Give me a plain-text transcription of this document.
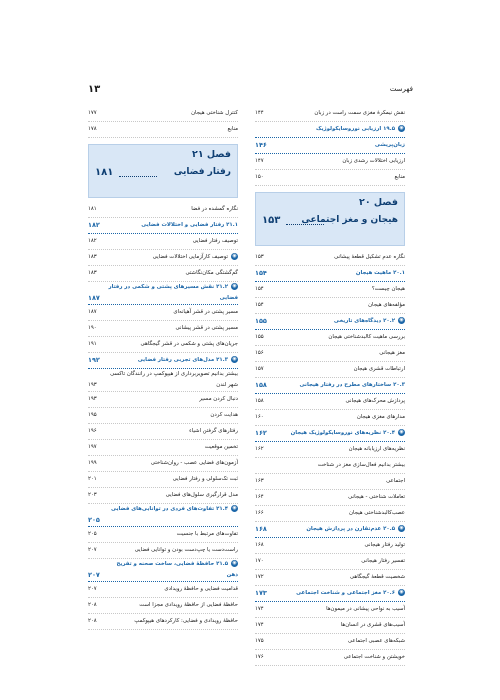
۱۳	فهرست
نقش نیمکرهٔ مغزی سمت راست در زبان
۱۴۴
◉۱۹.۵ ارزیابی نوروسایکولوژیک
زبان‌پریشی
۱۴۶
ارزیابی اختلالات رشدی زبان
۱۴۷
منابع
۱۵۰
فصل ۲۰
هیجان و مغز اجتماعی
۱۵۳
نگاره عدم تشکیل قطعهٔ پیشانی
۱۵۳
۲۰.۱ ماهیت هیجان
۱۵۴
هیجان چیست؟
۱۵۴
مؤلفه‌های هیجان
۱۵۴
◉۲۰.۲ دیدگاه‌های تاریخی
۱۵۵
بررسی ماهیت کالبدشناختی هیجان
۱۵۵
مغز هیجانی
۱۵۶
ارتباطات قشری هیجان
۱۵۷
۲۰.۳ ساختارهای مطرح در رفتار هیجانی
۱۵۸
پردازش محرک‌های هیجانی
۱۵۸
مدارهای مغزی هیجان
۱۶۰
◉۲۰.۴ نظریه‌های نوروسایکولوژیک هیجان
۱۶۲
نظریه‌های ارزیابانه هیجان
۱۶۲
بیشتر بدانیم فعال‌سازی مغز در شناخت
اجتماعی
۱۶۳
تعاملات شناختی - هیجانی
۱۶۴
عصب‌کالبدشناختی هیجان
۱۶۶
◉۲۰.۵ عدم‌تقارن در پردازش هیجان
۱۶۸
تولید رفتار هیجانی
۱۶۸
تفسیر رفتار هیجانی
۱۷۰
شخصیت قطعهٔ گیجگاهی
۱۷۲
◉۲۰.۶ مغز اجتماعی و شناخت اجتماعی
۱۷۳
آسیب به نواحی پیشانی در میمون‌ها
۱۷۴
آسیب‌های قشری در انسان‌ها
۱۷۴
شبکه‌های عصبی اجتماعی
۱۷۵
خویشتن و شناخت اجتماعی
۱۷۶
کنترل شناختی هیجان
۱۷۷
منابع
۱۷۸
فصل ۲۱
رفتار فضایی
۱۸۱
نگاره گمشده در فضا
۱۸۱
۲۱.۱ رفتار فضایی و اختلالات فضایی
۱۸۲
توصیف رفتار فضایی
۱۸۲
◉توصیف کارآزمایی اختلالات فضایی
۱۸۳
گم‌گشتگی مکان‌نگاشتی
۱۸۳
◉۲۱.۲ نقش مسیرهای پشتی و شکمی در رفتار فضایی
۱۸۷
مسیر پشتی در قشر آهیانه‌ای
۱۸۷
مسیر پشتی در قشر پیشانی
۱۹۰
جریان‌های پشتی و شکمی در قشر گیجگاهی
۱۹۱
◉۲۱.۳ مدل‌های تجربی رفتار فضایی
۱۹۲
بیشتر بدانیم تصویربرداری از هیپوکمپ در رانندگان تاکسی شهر لندن
۱۹۳
دنبال کردن مسیر
۱۹۳
هدایت کردن
۱۹۵
رفتارهای گرفتن اشیاء
۱۹۶
تخمین موقعیت
۱۹۷
آزمون‌های فضایی عصب - روان‌شناختی
۱۹۹
ثبت تک‌سلولی و رفتار فضایی
۲۰۱
مدل قرارگیری سلول‌های فضایی
۲۰۳
◉۲۱.۴ تفاوت‌های فردی در توانایی‌های فضایی
۲۰۵
تفاوت‌های مرتبط با جنسیت
۲۰۵
راست‌دست یا چپ‌دست بودن و توانایی فضایی
۲۰۷
◉۲۱.۵ حافظهٔ فضایی، ساخت صحنه و تفریح ذهن
۲۰۷
قدامیت فضایی و حافظهٔ رویدادی
۲۰۷
حافظهٔ فضایی از حافظهٔ رویدادی مجزا است
۲۰۸
حافظهٔ رویدادی و فضایی: کارکردهای هیپوکمپ
۲۰۸
